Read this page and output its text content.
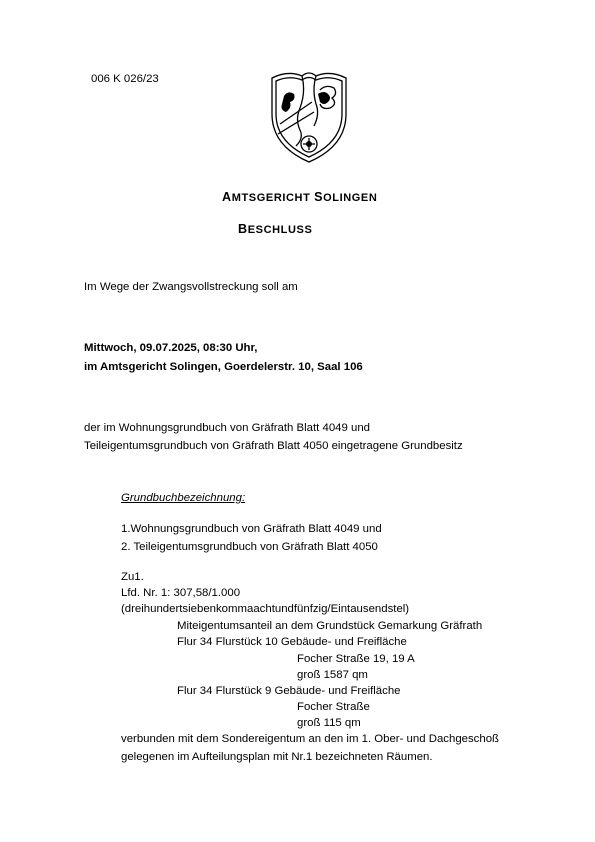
006 K 026/23
AMTSGERICHT SOLINGEN
BESCHLUSS
Im Wege der Zwangsvollstreckung soll am
Mittwoch, 09.07.2025, 08:30 Uhr,
im Amtsgericht Solingen, Goerdelerstr. 10, Saal 106
der im Wohnungsgrundbuch von Gräfrath Blatt 4049 und
Teileigentumsgrundbuch von Gräfrath Blatt 4050 eingetragene Grundbesitz
Grundbuchbezeichnung:
1.Wohnungsgrundbuch von Gräfrath Blatt 4049 und
2. Teileigentumsgrundbuch von Gräfrath Blatt 4050
Zu1.
Lfd. Nr. 1: 307,58/1.000
(dreihundertsiebenkommaachtundfünfzig/Eintausendstel)
Miteigentumsanteil an dem Grundstück Gemarkung Gräfrath
Flur 34 Flurstück 10 Gebäude- und Freifläche
Focher Straße 19, 19 A
groß 1587 qm
Flur 34 Flurstück 9 Gebäude- und Freifläche
Focher Straße
groß 115 qm
verbunden mit dem Sondereigentum an den im 1. Ober- und Dachgeschoß
gelegenen im Aufteilungsplan mit Nr.1 bezeichneten Räumen.
